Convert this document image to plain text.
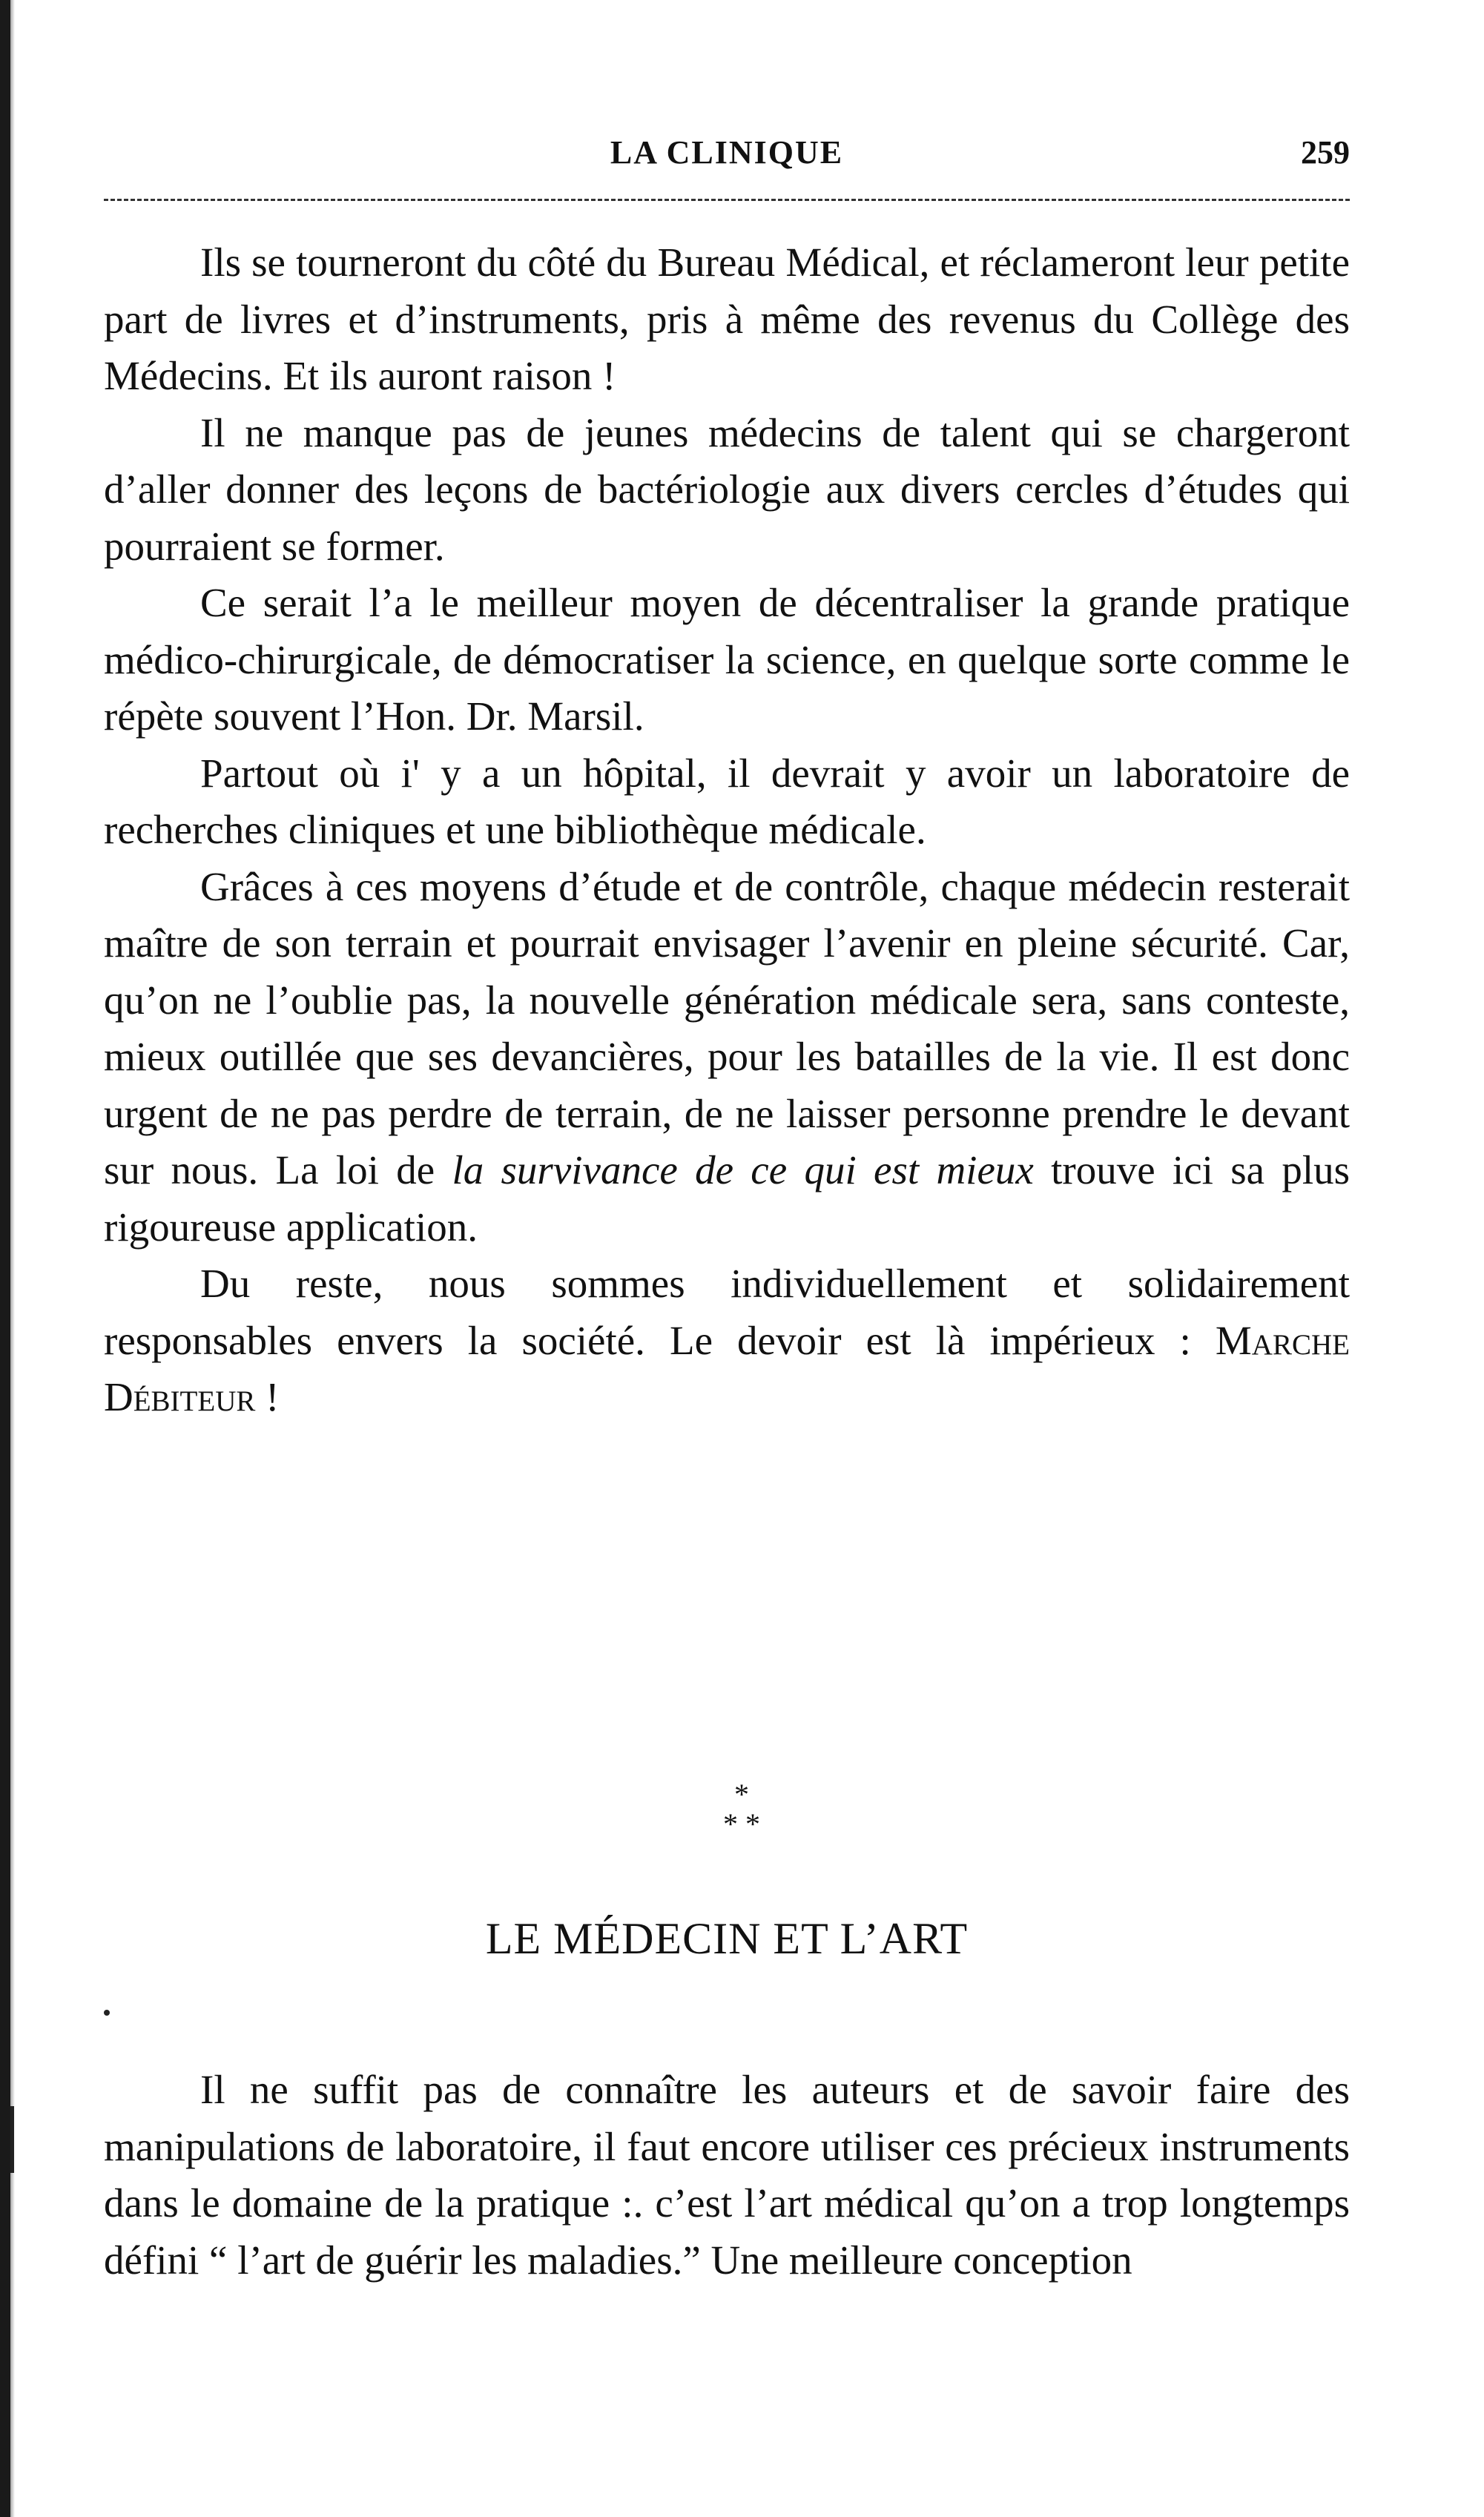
LA CLINIQUE	259

Ils se tourneront du côté du Bureau Médical, et réclameront leur petite part de livres et d’instruments, pris à même des revenus du Collège des Médecins. Et ils auront raison !

Il ne manque pas de jeunes médecins de talent qui se chargeront d’aller donner des leçons de bactériologie aux divers cercles d’études qui pourraient se former.

Ce serait l’a le meilleur moyen de décentraliser la grande pratique médico-chirurgicale, de démocratiser la science, en quelque sorte comme le répète souvent l’Hon. Dr. Marsil.

Partout où i' y a un hôpital, il devrait y avoir un laboratoire de recherches cliniques et une bibliothèque médicale.

Grâces à ces moyens d’étude et de contrôle, chaque médecin resterait maître de son terrain et pourrait envisager l’avenir en pleine sécurité. Car, qu’on ne l’oublie pas, la nouvelle génération médicale sera, sans conteste, mieux outillée que ses devancières, pour les batailles de la vie. Il est donc urgent de ne pas perdre de terrain, de ne laisser personne prendre le devant sur nous. La loi de la survivance de ce qui est mieux trouve ici sa plus rigoureuse application.

Du reste, nous sommes individuellement et solidairement responsables envers la société. Le devoir est là impérieux : Marche Débiteur !

*
* *
LE MÉDECIN ET L’ART

Il ne suffit pas de connaître les auteurs et de savoir faire des manipulations de laboratoire, il faut encore utiliser ces précieux instruments dans le domaine de la pratique :. c’est l’art médical qu’on a trop longtemps défini “ l’art de guérir les maladies.” Une meilleure conception
